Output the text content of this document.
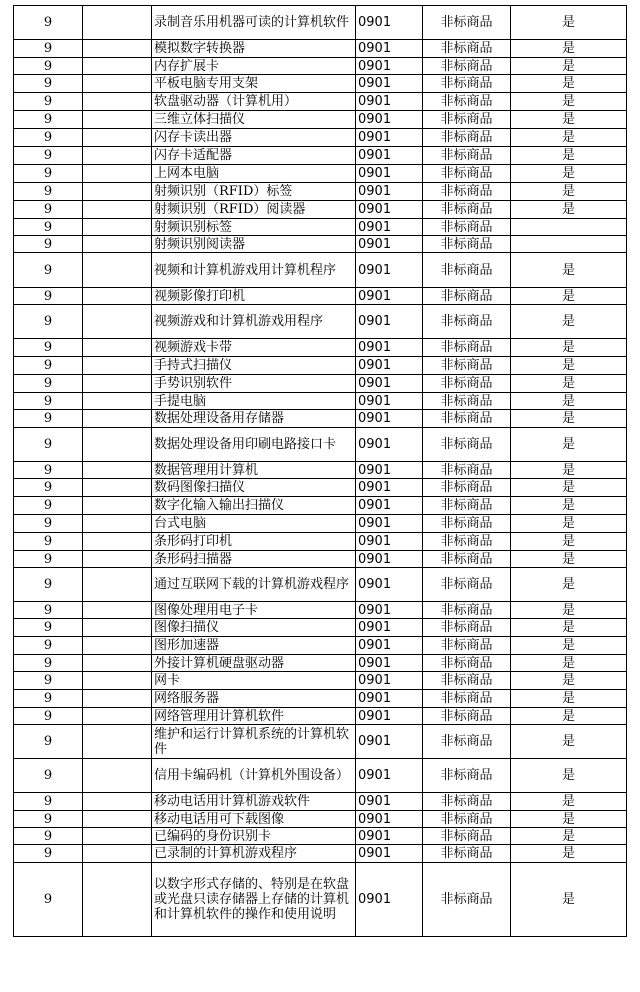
9		录制音乐用机器可读的计算机软件	0901	非标商品	是
9		模拟数字转换器	0901	非标商品	是
9		内存扩展卡	0901	非标商品	是
9		平板电脑专用支架	0901	非标商品	是
9		软盘驱动器（计算机用）	0901	非标商品	是
9		三维立体扫描仪	0901	非标商品	是
9		闪存卡读出器	0901	非标商品	是
9		闪存卡适配器	0901	非标商品	是
9		上网本电脑	0901	非标商品	是
9		射频识别（RFID）标签	0901	非标商品	是
9		射频识别（RFID）阅读器	0901	非标商品	是
9		射频识别标签	0901	非标商品	
9		射频识别阅读器	0901	非标商品	
9		视频和计算机游戏用计算机程序	0901	非标商品	是
9		视频影像打印机	0901	非标商品	是
9		视频游戏和计算机游戏用程序	0901	非标商品	是
9		视频游戏卡带	0901	非标商品	是
9		手持式扫描仪	0901	非标商品	是
9		手势识别软件	0901	非标商品	是
9		手提电脑	0901	非标商品	是
9		数据处理设备用存储器	0901	非标商品	是
9		数据处理设备用印刷电路接口卡	0901	非标商品	是
9		数据管理用计算机	0901	非标商品	是
9		数码图像扫描仪	0901	非标商品	是
9		数字化输入输出扫描仪	0901	非标商品	是
9		台式电脑	0901	非标商品	是
9		条形码打印机	0901	非标商品	是
9		条形码扫描器	0901	非标商品	是
9		通过互联网下载的计算机游戏程序	0901	非标商品	是
9		图像处理用电子卡	0901	非标商品	是
9		图像扫描仪	0901	非标商品	是
9		图形加速器	0901	非标商品	是
9		外接计算机硬盘驱动器	0901	非标商品	是
9		网卡	0901	非标商品	是
9		网络服务器	0901	非标商品	是
9		网络管理用计算机软件	0901	非标商品	是
9		维护和运行计算机系统的计算机软件	0901	非标商品	是
9		信用卡编码机（计算机外围设备）	0901	非标商品	是
9		移动电话用计算机游戏软件	0901	非标商品	是
9		移动电话用可下载图像	0901	非标商品	是
9		已编码的身份识别卡	0901	非标商品	是
9		已录制的计算机游戏程序	0901	非标商品	是
9		以数字形式存储的、特别是在软盘或光盘只读存储器上存储的计算机和计算机软件的操作和使用说明	0901	非标商品	是
